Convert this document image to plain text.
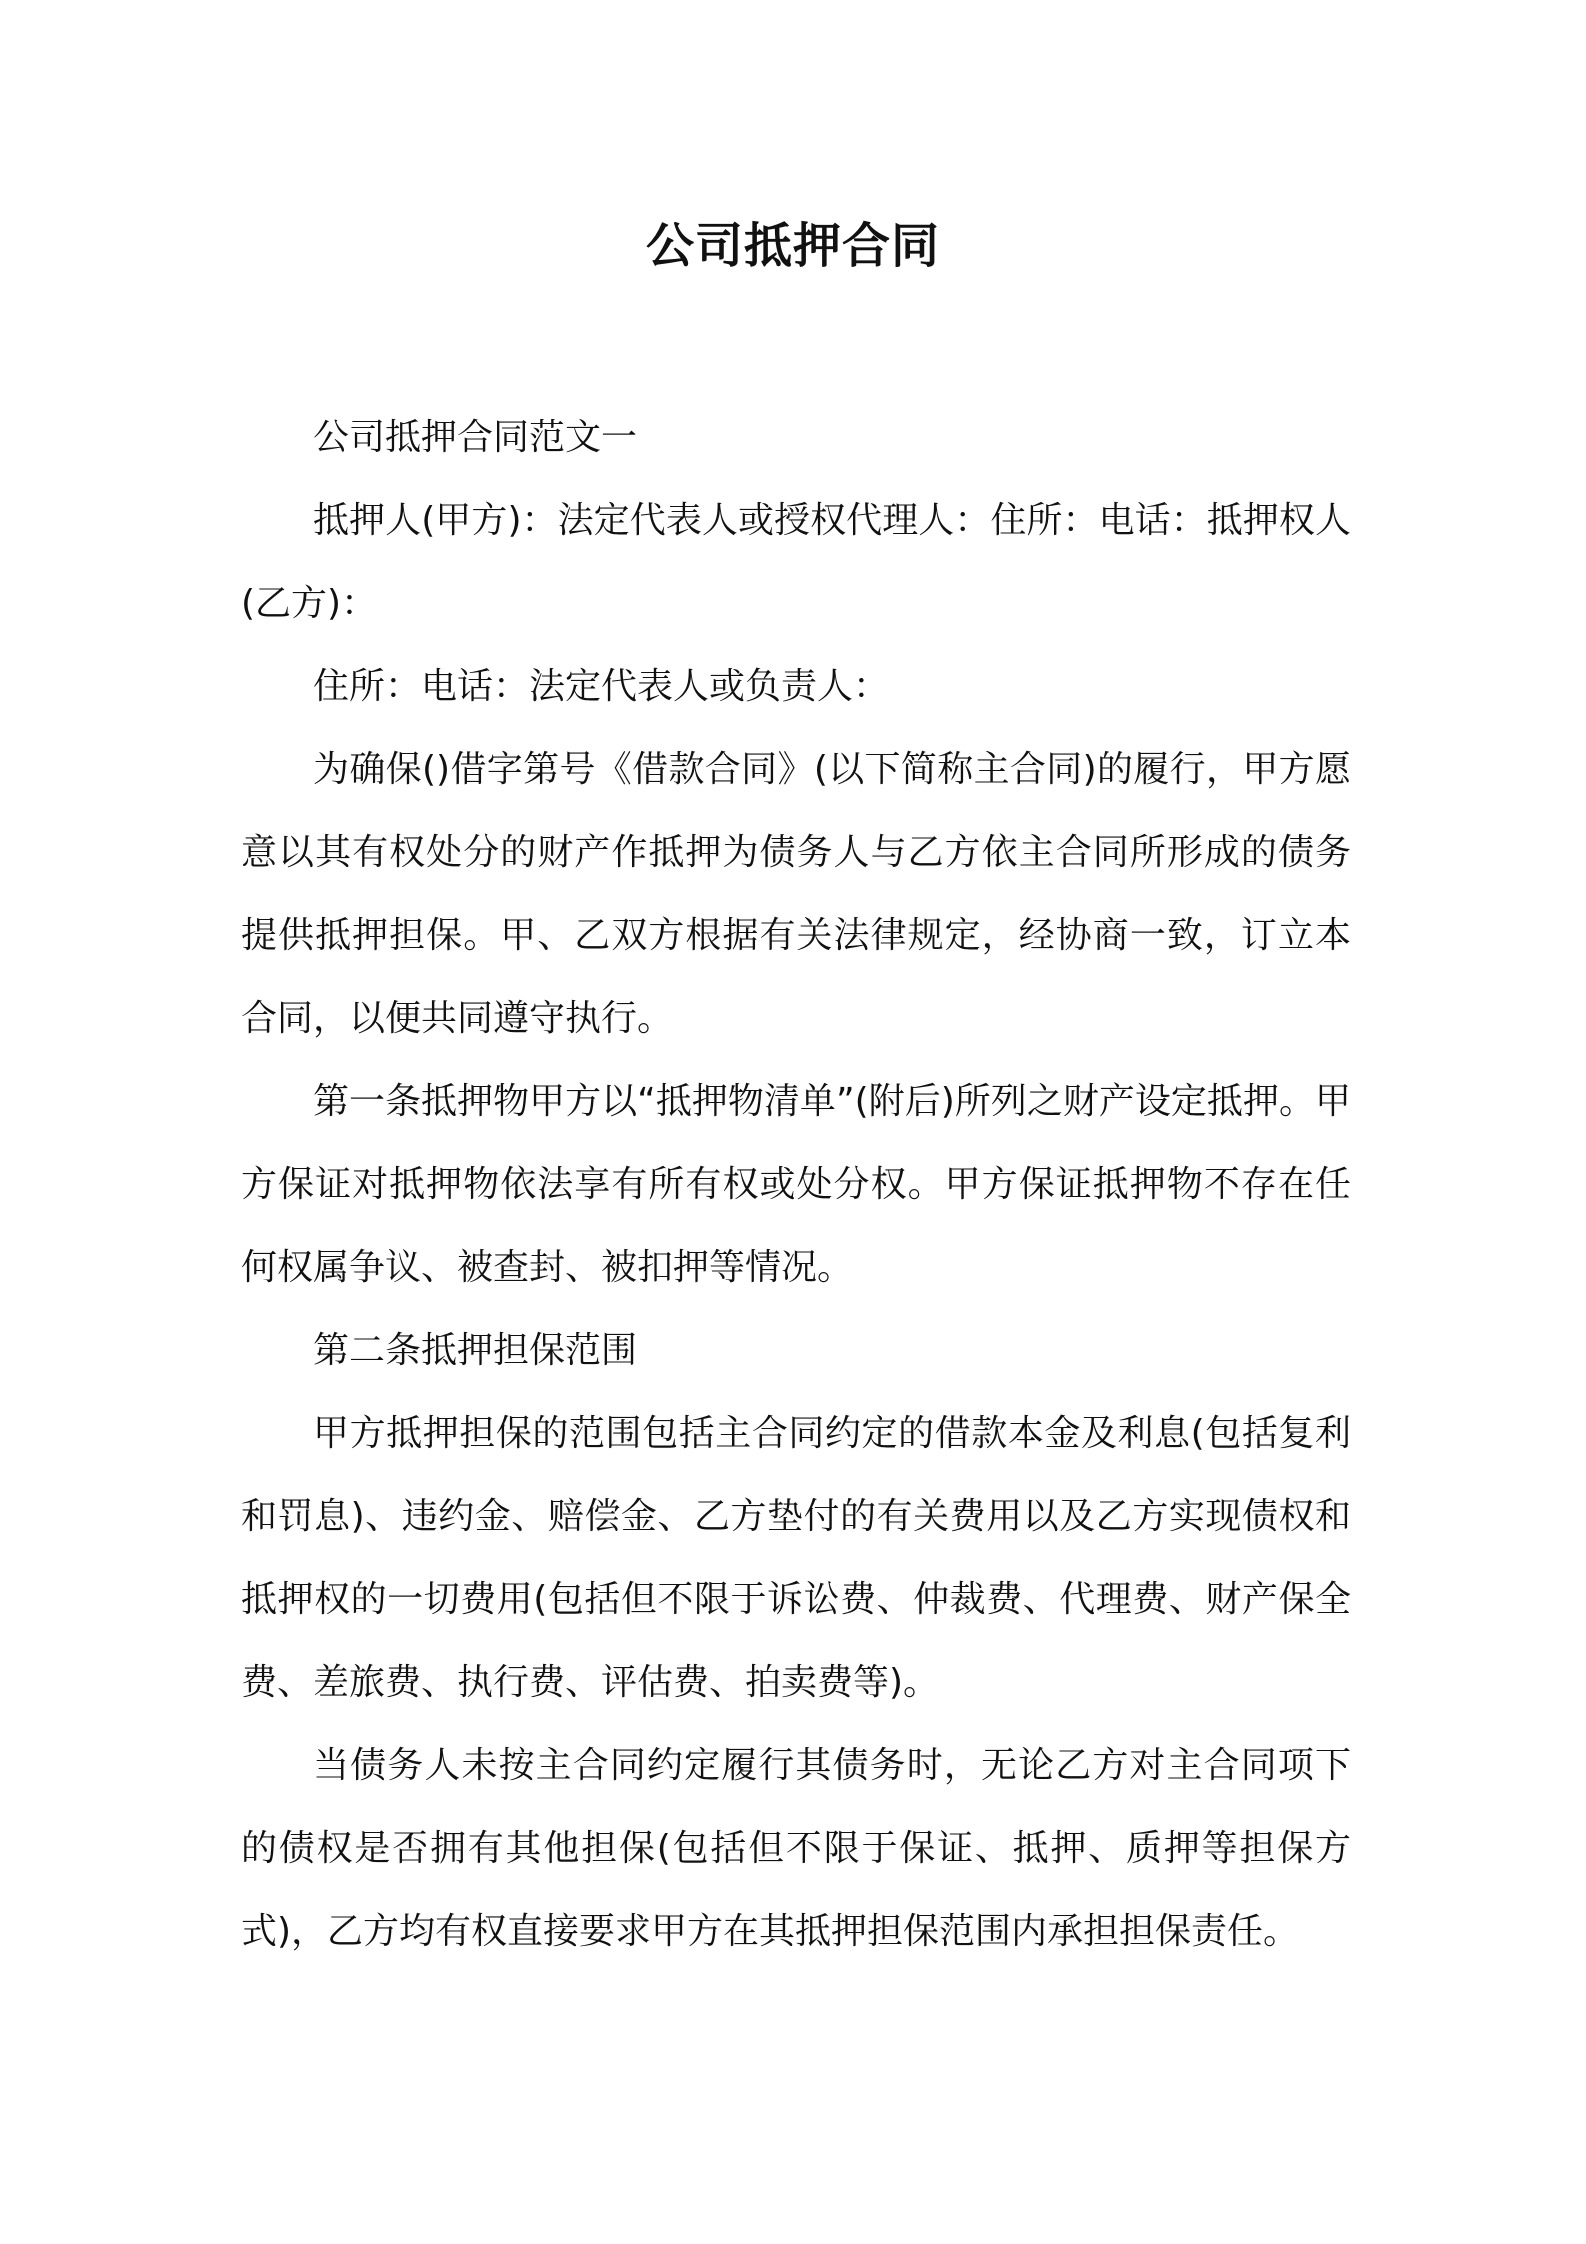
公司抵押合同

公司抵押合同范文一

抵押人(甲方)：法定代表人或授权代理人：住所：电话：抵押权人(乙方)：

住所：电话：法定代表人或负责人：

为确保()借字第号《借款合同》(以下简称主合同)的履行，甲方愿意以其有权处分的财产作抵押为债务人与乙方依主合同所形成的债务提供抵押担保。甲、乙双方根据有关法律规定，经协商一致，订立本合同，以便共同遵守执行。

第一条抵押物甲方以“抵押物清单”(附后)所列之财产设定抵押。甲方保证对抵押物依法享有所有权或处分权。甲方保证抵押物不存在任何权属争议、被查封、被扣押等情况。

第二条抵押担保范围

甲方抵押担保的范围包括主合同约定的借款本金及利息(包括复利和罚息)、违约金、赔偿金、乙方垫付的有关费用以及乙方实现债权和抵押权的一切费用(包括但不限于诉讼费、仲裁费、代理费、财产保全费、差旅费、执行费、评估费、拍卖费等)。

当债务人未按主合同约定履行其债务时，无论乙方对主合同项下的债权是否拥有其他担保(包括但不限于保证、抵押、质押等担保方式)，乙方均有权直接要求甲方在其抵押担保范围内承担担保责任。
